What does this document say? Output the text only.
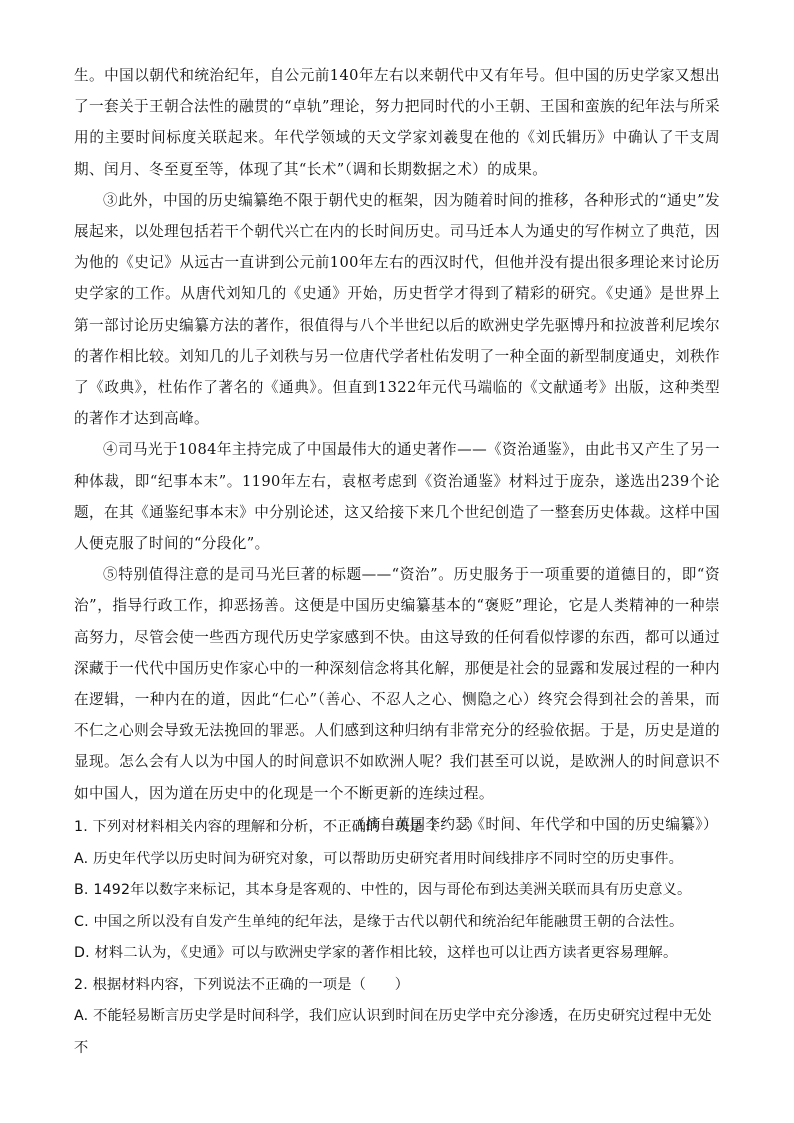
生。中国以朝代和统治纪年，自公元前140年左右以来朝代中又有年号。但中国的历史学家又想出了一套关于王朝合法性的融贯的“卓轨”理论，努力把同时代的小王朝、王国和蛮族的纪年法与所采用的主要时间标度关联起来。年代学领域的天文学家刘羲叟在他的《刘氏辑历》中确认了干支周期、闰月、冬至夏至等，体现了其“长术”（调和长期数据之术）的成果。

③此外，中国的历史编纂绝不限于朝代史的框架，因为随着时间的推移，各种形式的“通史”发展起来，以处理包括若干个朝代兴亡在内的长时间历史。司马迁本人为通史的写作树立了典范，因为他的《史记》从远古一直讲到公元前100年左右的西汉时代，但他并没有提出很多理论来讨论历史学家的工作。从唐代刘知几的《史通》开始，历史哲学才得到了精彩的研究。《史通》是世界上第一部讨论历史编纂方法的著作，很值得与八个半世纪以后的欧洲史学先驱博丹和拉波普利尼埃尔的著作相比较。刘知几的儿子刘秩与另一位唐代学者杜佑发明了一种全面的新型制度通史，刘秩作了《政典》，杜佑作了著名的《通典》。但直到1322年元代马端临的《文献通考》出版，这种类型的著作才达到高峰。

④司马光于1084年主持完成了中国最伟大的通史著作——《资治通鉴》，由此书又产生了另一种体裁，即“纪事本末”。1190年左右，袁枢考虑到《资治通鉴》材料过于庞杂，遂选出239个论题，在其《通鉴纪事本末》中分别论述，这又给接下来几个世纪创造了一整套历史体裁。这样中国人便克服了时间的“分段化”。

⑤特别值得注意的是司马光巨著的标题——“资治”。历史服务于一项重要的道德目的，即“资治”，指导行政工作，抑恶扬善。这便是中国历史编纂基本的“褒贬”理论，它是人类精神的一种崇高努力，尽管会使一些西方现代历史学家感到不快。由这导致的任何看似悖谬的东西，都可以通过深藏于一代代中国历史作家心中的一种深刻信念将其化解，那便是社会的显露和发展过程的一种内在逻辑，一种内在的道，因此“仁心”（善心、不忍人之心、恻隐之心）终究会得到社会的善果，而不仁之心则会导致无法挽回的罪恶。人们感到这种归纳有非常充分的经验依据。于是，历史是道的显现。怎么会有人以为中国人的时间意识不如欧洲人呢？我们甚至可以说，是欧洲人的时间意识不如中国人，因为道在历史中的化现是一个不断更新的连续过程。

（摘自英国李约瑟《时间、年代学和中国的历史编纂》）

1. 下列对材料相关内容的理解和分析，不正确的一项是（　　）

A. 历史年代学以历史时间为研究对象，可以帮助历史研究者用时间线排序不同时空的历史事件。

B. 1492年以数字来标记，其本身是客观的、中性的，因与哥伦布到达美洲关联而具有历史意义。

C. 中国之所以没有自发产生单纯的纪年法，是缘于古代以朝代和统治纪年能融贯王朝的合法性。

D. 材料二认为，《史通》可以与欧洲史学家的著作相比较，这样也可以让西方读者更容易理解。

2. 根据材料内容，下列说法不正确的一项是（　　）

A. 不能轻易断言历史学是时间科学，我们应认识到时间在历史学中充分渗透，在历史研究过程中无处不
